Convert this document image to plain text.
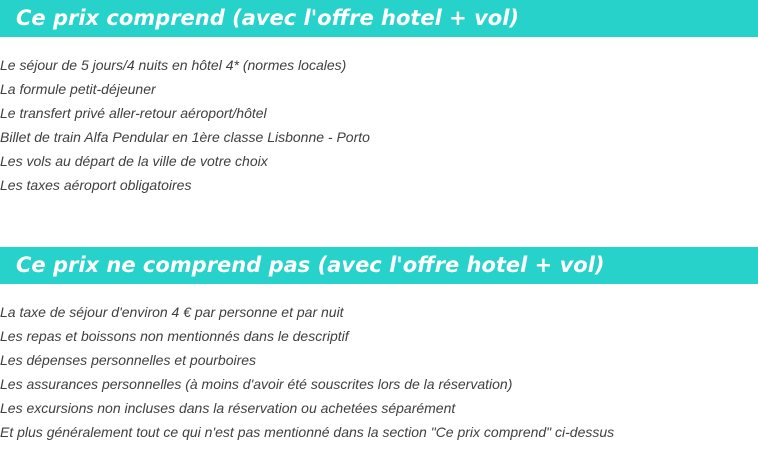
Ce prix comprend (avec l'offre hotel + vol)
Le séjour de 5 jours/4 nuits en hôtel 4* (normes locales)
La formule petit-déjeuner
Le transfert privé aller-retour aéroport/hôtel
Billet de train Alfa Pendular en 1ère classe Lisbonne - Porto
Les vols au départ de la ville de votre choix
Les taxes aéroport obligatoires
Ce prix ne comprend pas (avec l'offre hotel + vol)
La taxe de séjour d'environ 4 € par personne et par nuit
Les repas et boissons non mentionnés dans le descriptif
Les dépenses personnelles et pourboires
Les assurances personnelles (à moins d'avoir été souscrites lors de la réservation)
Les excursions non incluses dans la réservation ou achetées séparément
Et plus généralement tout ce qui n'est pas mentionné dans la section "Ce prix comprend" ci-dessus
